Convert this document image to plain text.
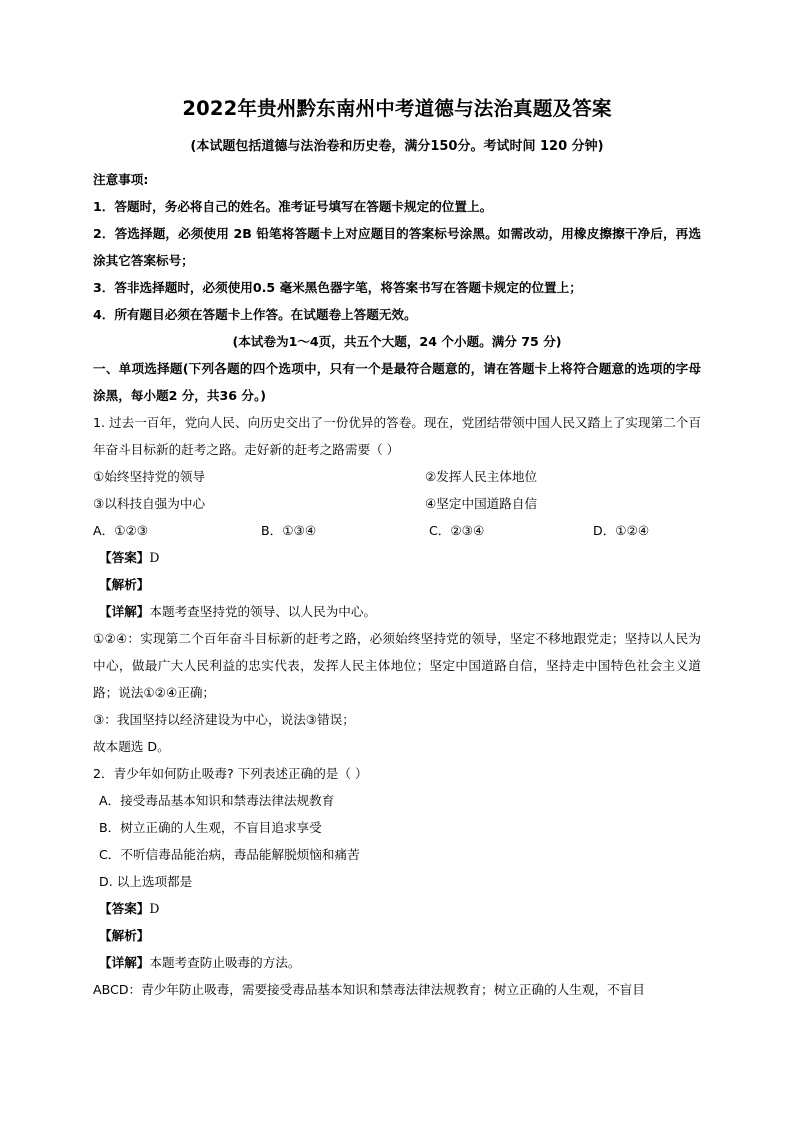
2022年贵州黔东南州中考道德与法治真题及答案

(本试题包括道德与法治卷和历史卷，满分150分。考试时间 120 分钟)

注意事项:

1．答题时，务必将自己的姓名。准考证号填写在答题卡规定的位置上。

2．答选择题，必须使用 2B 铅笔将答题卡上对应题目的答案标号涂黑。如需改动，用橡皮擦擦干净后，再选涂其它答案标号；

3．答非选择题时，必须使用0.5 毫米黑色器字笔，将答案书写在答题卡规定的位置上；

4．所有题目必须在答题卡上作答。在试题卷上答题无效。

(本试卷为1～4页，共五个大题，24 个小题。满分 75 分)

一、单项选择题(下列各题的四个选项中，只有一个是最符合题意的，请在答题卡上将符合题意的选项的字母涂黑，每小题2 分，共36 分。)

1. 过去一百年，党向人民、向历史交出了一份优异的答卷。现在，党团结带领中国人民又踏上了实现第二个百年奋斗目标新的赶考之路。走好新的赶考之路需要（ ）

①始终坚持党的领导	②发挥人民主体地位
③以科技自强为中心	④坚定中国道路自信
A．①②③	B．①③④	C．②③④	D．①②④

【答案】D

【解析】

【详解】本题考查坚持党的领导、以人民为中心。

①②④：实现第二个百年奋斗目标新的赶考之路，必须始终坚持党的领导，坚定不移地跟党走；坚持以人民为中心，做最广大人民利益的忠实代表，发挥人民主体地位；坚定中国道路自信，坚持走中国特色社会主义道路；说法①②④正确；

③：我国坚持以经济建设为中心，说法③错误；

故本题选 D。

2．青少年如何防止吸毒? 下列表述正确的是（ ）

A．接受毒品基本知识和禁毒法律法规教育

B．树立正确的人生观，不盲目追求享受

C．不听信毒品能治病，毒品能解脱烦恼和痛苦

D. 以上选项都是

【答案】D

【解析】

【详解】本题考查防止吸毒的方法。

ABCD：青少年防止吸毒，需要接受毒品基本知识和禁毒法律法规教育；树立正确的人生观，不盲目
